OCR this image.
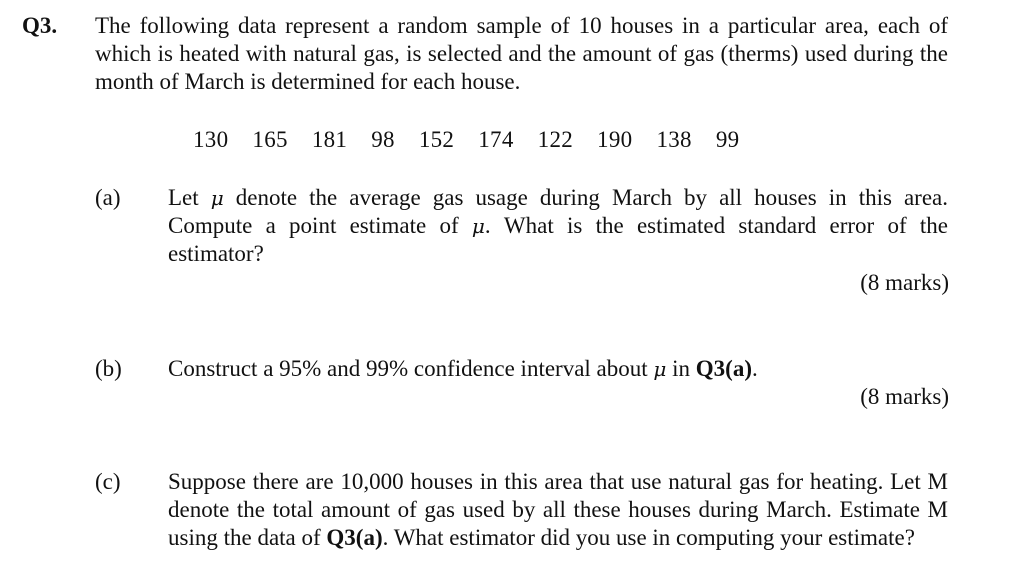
Q3. The following data represent a random sample of 10 houses in a particular area, each of which is heated with natural gas, is selected and the amount of gas (therms) used during the month of March is determined for each house.
130 165 181 98 152 174 122 190 138 99
(a) Let μ denote the average gas usage during March by all houses in this area. Compute a point estimate of μ. What is the estimated standard error of the estimator?
(8 marks)
(b) Construct a 95% and 99% confidence interval about μ in Q3(a).
(8 marks)
(c) Suppose there are 10,000 houses in this area that use natural gas for heating. Let M denote the total amount of gas used by all these houses during March. Estimate M using the data of Q3(a). What estimator did you use in computing your estimate?
